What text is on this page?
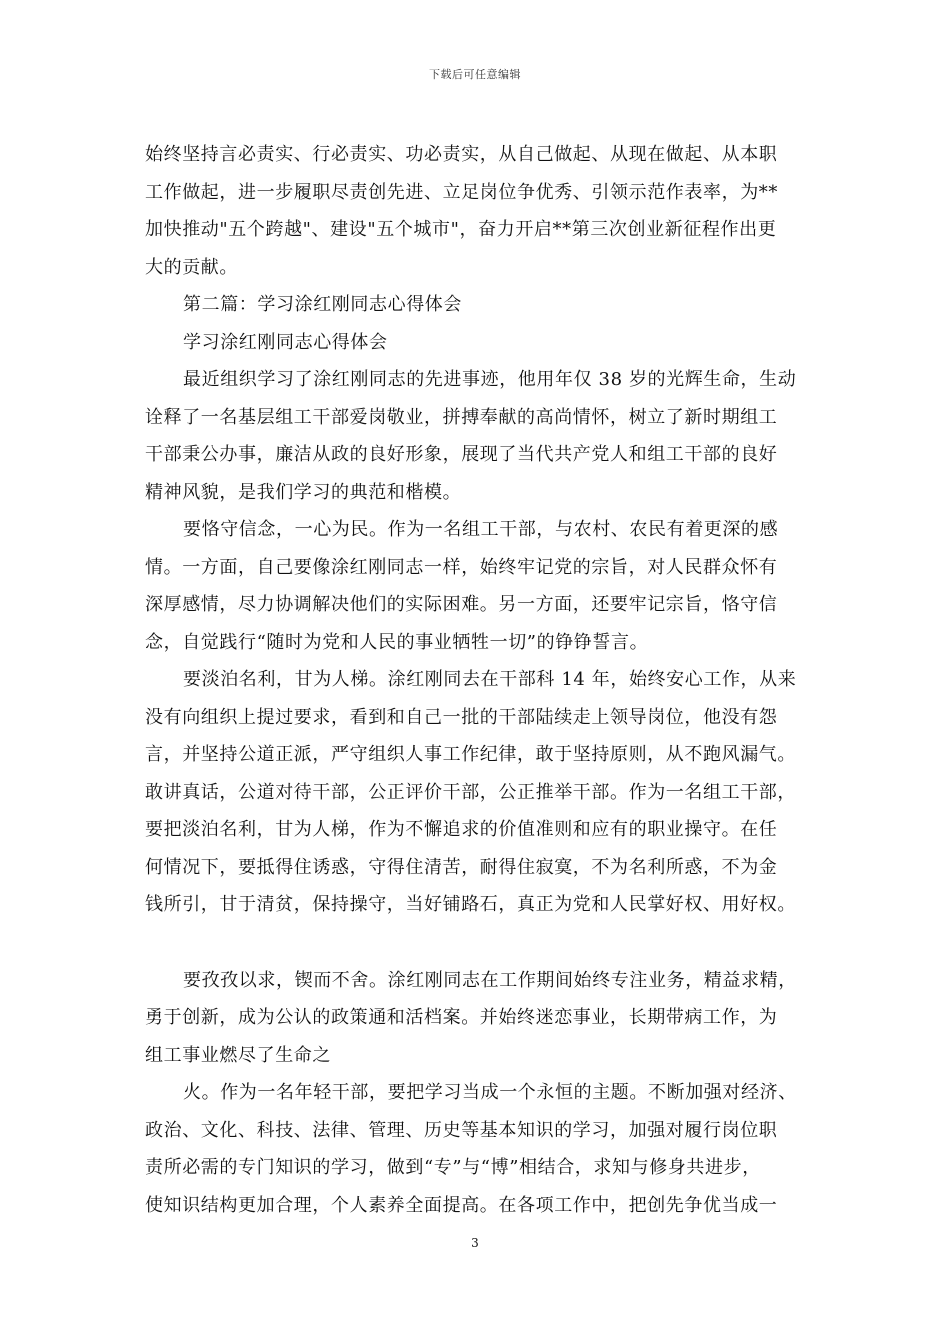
下载后可任意编辑
始终坚持言必责实、行必责实、功必责实，从自己做起、从现在做起、从本职
工作做起，进一步履职尽责创先进、立足岗位争优秀、引领示范作表率，为**
加快推动"五个跨越"、建设"五个城市"，奋力开启**第三次创业新征程作出更
大的贡献。
第二篇：学习涂红刚同志心得体会
学习涂红刚同志心得体会
最近组织学习了涂红刚同志的先进事迹，他用年仅 38 岁的光辉生命，生动
诠释了一名基层组工干部爱岗敬业，拼搏奉献的高尚情怀，树立了新时期组工
干部秉公办事，廉洁从政的良好形象，展现了当代共产党人和组工干部的良好
精神风貌，是我们学习的典范和楷模。
要恪守信念，一心为民。作为一名组工干部，与农村、农民有着更深的感
情。一方面，自己要像涂红刚同志一样，始终牢记党的宗旨，对人民群众怀有
深厚感情，尽力协调解决他们的实际困难。另一方面，还要牢记宗旨，恪守信
念，自觉践行“随时为党和人民的事业牺牲一切”的铮铮誓言。
要淡泊名利，甘为人梯。涂红刚同去在干部科 14 年，始终安心工作，从来
没有向组织上提过要求，看到和自己一批的干部陆续走上领导岗位，他没有怨
言，并坚持公道正派，严守组织人事工作纪律，敢于坚持原则，从不跑风漏气。
敢讲真话，公道对待干部，公正评价干部，公正推举干部。作为一名组工干部，
要把淡泊名利，甘为人梯，作为不懈追求的价值准则和应有的职业操守。在任
何情况下，要抵得住诱惑，守得住清苦，耐得住寂寞，不为名利所惑，不为金
钱所引，甘于清贫，保持操守，当好铺路石，真正为党和人民掌好权、用好权。
要孜孜以求，锲而不舍。涂红刚同志在工作期间始终专注业务，精益求精，
勇于创新，成为公认的政策通和活档案。并始终迷恋事业，长期带病工作，为
组工事业燃尽了生命之
火。作为一名年轻干部，要把学习当成一个永恒的主题。不断加强对经济、
政治、文化、科技、法律、管理、历史等基本知识的学习，加强对履行岗位职
责所必需的专门知识的学习，做到“专”与“博”相结合，求知与修身共进步，
使知识结构更加合理，个人素养全面提高。在各项工作中，把创先争优当成一
3
